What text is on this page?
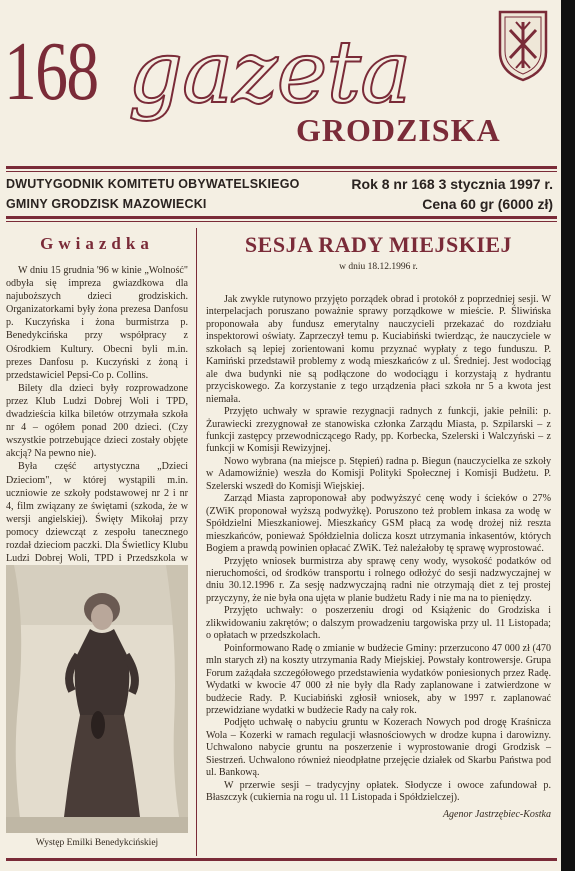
168 gazeta
GRODZISKA
DWUTYGODNIK KOMITETU OBYWATELSKIEGO
GMINY GRODZISK MAZOWIECKI
Rok 8 nr 168 3 stycznia 1997 r.
Cena 60 gr (6000 zł)
Gwiazdka

W dniu 15 grudnia '96 w kinie „Wolność" odbyła się impreza gwiazdkowa dla najuboższych dzieci grodziskich. Organizatorkami były żona prezesa Danfosu p. Kuczyńska i żona burmistrza p. Benedykcińska przy współpracy z Ośrodkiem Kultury. Obecni byli m.in. prezes Danfosu p. Kuczyński z żoną i przedstawiciel Pepsi-Co p. Collins.

Bilety dla dzieci były rozprowadzone przez Klub Ludzi Dobrej Woli i TPD, dwadzieścia kilka biletów otrzymała szkoła nr 4 – ogółem ponad 200 dzieci. (Czy wszystkie potrzebujące dzieci zostały objęte akcją? Na pewno nie).

Była część artystyczna „Dzieci Dzieciom", w której wystąpili m.in. uczniowie ze szkoły podstawowej nr 2 i nr 4, film związany ze świętami (szkoda, że w wersji angielskiej). Święty Mikołaj przy pomocy dziewcząt z zespołu tanecznego rozdał dzieciom paczki. Dla Świetlicy Klubu Ludzi Dobrej Woli, TPD i Przedszkola w

Występ Emilki Benedykcińskiej
SESJA RADY MIEJSKIEJ
w dniu 18.12.1996 r.

Jak zwykle rutynowo przyjęto porządek obrad i protokół z poprzedniej sesji. W interpelacjach poruszano poważnie sprawy porządkowe w mieście. P. Śliwińska proponowała aby fundusz emerytalny nauczycieli przekazać do rozdziału inspektorowi oświaty. Zaprzeczył temu p. Kuciabiński twierdząc, że nauczyciele w szkołach są lepiej zorientowani komu przyznać wypłaty z tego funduszu. P. Kamiński przedstawił problemy z wodą mieszkańców z ul. Średniej. Jest wodociąg ale dwa budynki nie są podłączone do wodociągu i korzystają z hydrantu przyciskowego. Za korzystanie z tego urządzenia płaci szkoła nr 5 a kwota jest niemała.

Przyjęto uchwały w sprawie rezygnacji radnych z funkcji, jakie pełnili: p. Żurawiecki zrezygnował ze stanowiska członka Zarządu Miasta, p. Szpilarski – z funkcji zastępcy przewodniczącego Rady, pp. Korbecka, Szelerski i Walczyński – z funkcji w Komisji Rewizyjnej.

Nowo wybrana (na miejsce p. Stępień) radna p. Biegun (nauczycielka ze szkoły w Adamowiźnie) weszła do Komisji Polityki Społecznej i Komisji Budżetu. P. Szelerski wszedł do Komisji Wiejskiej.

Zarząd Miasta zaproponował aby podwyższyć cenę wody i ścieków o 27% (ZWiK proponował wyższą podwyżkę). Poruszono też problem inkasa za wodę w Spółdzielni Mieszkaniowej. Mieszkańcy GSM płacą za wodę drożej niż reszta mieszkańców, ponieważ Spółdzielnia dolicza koszt utrzymania inkasentów, których Bogiem a prawdą powinien opłacać ZWiK. Też należałoby tę sprawę wyprostować.

Przyjęto wniosek burmistrza aby sprawę ceny wody, wysokość podatków od nieruchomości, od środków transportu i rolnego odłożyć do sesji nadzwyczajnej w dniu 30.12.1996 r. Za sesję nadzwyczajną radni nie otrzymają diet z tej prostej przyczyny, że nie była ona ujęta w planie budżetu Rady i nie ma na to pieniędzy.

Przyjęto uchwały: o poszerzeniu drogi od Książenic do Grodziska i zlikwidowaniu zakrętów; o dalszym prowadzeniu targowiska przy ul. 11 Listopada; o opłatach w przedszkolach.

Poinformowano Radę o zmianie w budżecie Gminy: przerzucono 47 000 zł (470 mln starych zł) na koszty utrzymania Rady Miejskiej. Powstały kontrowersje. Grupa Forum zażądała szczegółowego przedstawienia wydatków poniesionych przez Radę. Wydatki w kwocie 47 000 zł nie były dla Rady zaplanowane i zatwierdzone w budżecie Rady. P. Kuciabiński zgłosił wniosek, aby w 1997 r. zaplanować przewidziane wydatki w budżecie Rady na cały rok.

Podjęto uchwałę o nabyciu gruntu w Kozerach Nowych pod drogę Kraśnicza Wola – Kozerki w ramach regulacji własnościowych w drodze kupna i darowizny. Uchwalono nabycie gruntu na poszerzenie i wyprostowanie drogi Grodzisk – Siestrzeń. Uchwalono również nieodpłatne przejęcie działek od Skarbu Państwa pod ul. Bankową.

W przerwie sesji – tradycyjny opłatek. Słodycze i owoce zafundował p. Błaszczyk (cukiernia na rogu ul. 11 Listopada i Spółdzielczej).

Agenor Jastrzębiec-Kostka
